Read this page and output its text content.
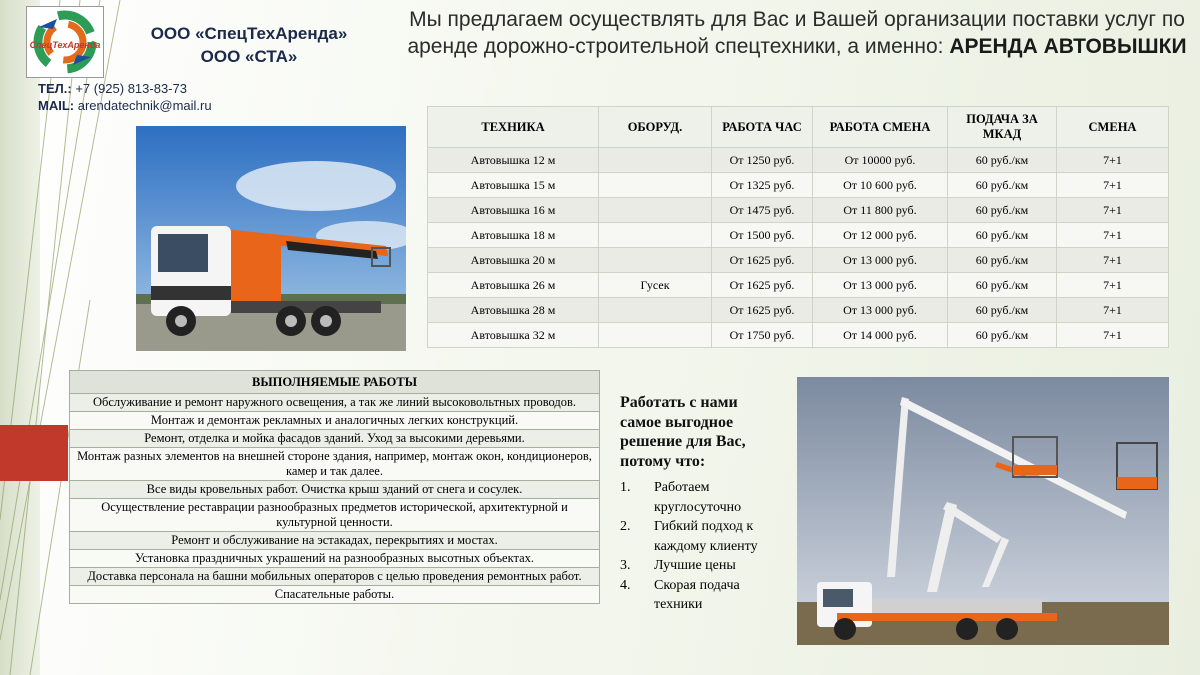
СпецТехАренда
ООО «СпецТехАренда»
ООО «СТА»
ТЕЛ.: +7 (925) 813-83-73
MAIL: arendatechnik@mail.ru
Мы предлагаем осуществлять для Вас и Вашей организации поставки услуг по аренде дорожно-строительной спецтехники, а именно: АРЕНДА АВТОВЫШКИ
ТЕХНИКА	ОБОРУД.	РАБОТА ЧАС	РАБОТА СМЕНА	ПОДАЧА ЗА МКАД	СМЕНА
Автовышка 12 м		От 1250 руб.	От 10000 руб.	60 руб./км	7+1
Автовышка 15 м		От 1325 руб.	От 10 600 руб.	60 руб./км	7+1
Автовышка 16 м		От 1475 руб.	От 11 800 руб.	60 руб./км	7+1
Автовышка 18 м		От 1500 руб.	От 12 000 руб.	60 руб./км	7+1
Автовышка 20 м		От 1625 руб.	От 13 000 руб.	60 руб./км	7+1
Автовышка 26 м	Гусек	От 1625 руб.	От 13 000 руб.	60 руб./км	7+1
Автовышка 28 м		От 1625 руб.	От 13 000 руб.	60 руб./км	7+1
Автовышка 32 м		От 1750 руб.	От 14 000 руб.	60 руб./км	7+1
ВЫПОЛНЯЕМЫЕ РАБОТЫ
Обслуживание и ремонт наружного освещения, а так же линий высоковольтных проводов.
Монтаж и демонтаж рекламных и аналогичных легких конструкций.
Ремонт, отделка и мойка фасадов зданий. Уход за высокими деревьями.
Монтаж разных элементов на внешней стороне здания, например, монтаж окон, кондиционеров, камер и так далее.
Все виды кровельных работ. Очистка крыш зданий от снега и сосулек.
Осуществление реставрации разнообразных предметов исторической, архитектурной и культурной ценности.
Ремонт и обслуживание на эстакадах, перекрытиях и мостах.
Установка праздничных украшений на разнообразных высотных объектах.
Доставка персонала на башни мобильных операторов с целью проведения ремонтных работ.
Спасательные работы.
Работать с нами самое выгодное решение для Вас, потому что:
1.	Работаем круглосуточно
2.	Гибкий подход к каждому клиенту
3.	Лучшие цены
4.	Скорая подача техники
